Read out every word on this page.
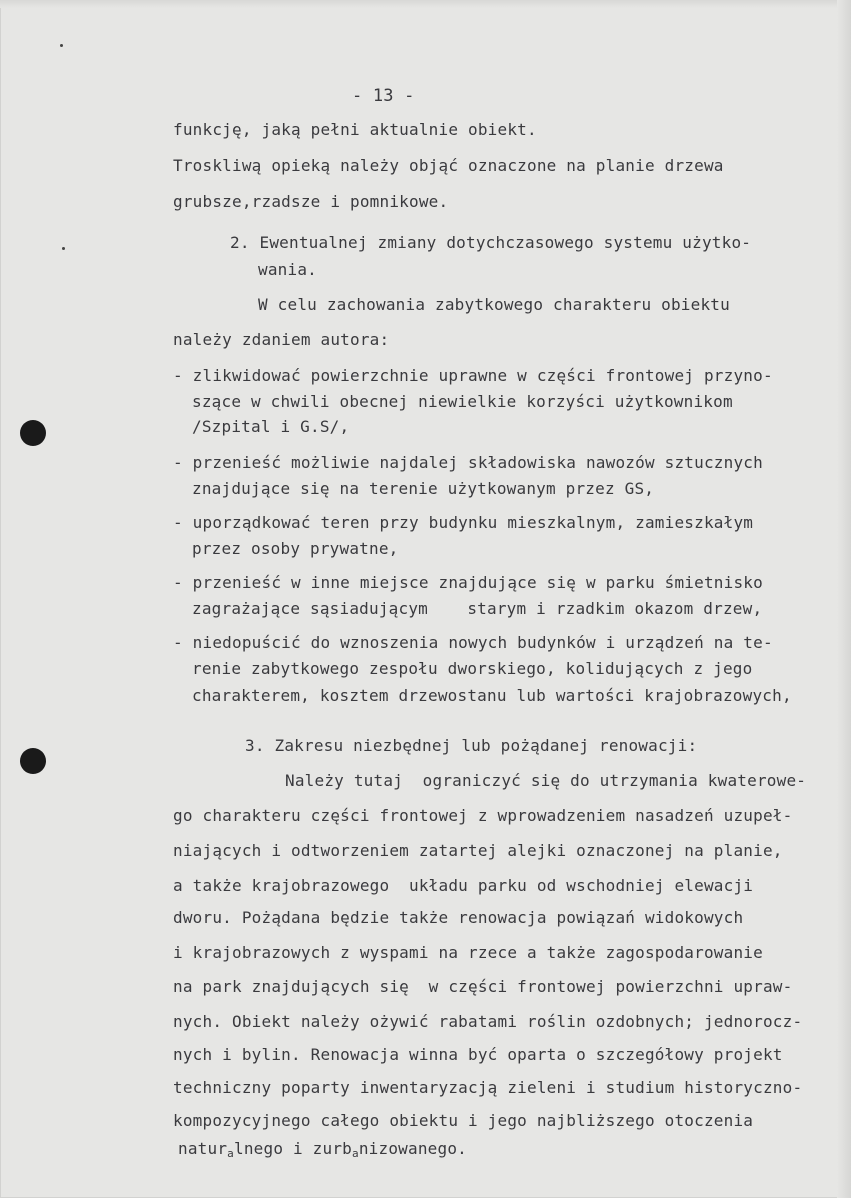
- 13 -
funkcję, jaką pełni aktualnie obiekt.
Troskliwą opieką należy objąć oznaczone na planie drzewa
grubsze,rzadsze i pomnikowe.
2. Ewentualnej zmiany dotychczasowego systemu użytko-
wania.
W celu zachowania zabytkowego charakteru obiektu
należy zdaniem autora:
- zlikwidować powierzchnie uprawne w części frontowej przyno-
szące w chwili obecnej niewielkie korzyści użytkownikom
/Szpital i G.S/,
- przenieść możliwie najdalej składowiska nawozów sztucznych
znajdujące się na terenie użytkowanym przez GS,
- uporządkować teren przy budynku mieszkalnym, zamieszkałym
przez osoby prywatne,
- przenieść w inne miejsce znajdujące się w parku śmietnisko
zagrażające sąsiadującym    starym i rzadkim okazom drzew,
- niedopuścić do wznoszenia nowych budynków i urządzeń na te-
renie zabytkowego zespołu dworskiego, kolidujących z jego
charakterem, kosztem drzewostanu lub wartości krajobrazowych,
3. Zakresu niezbędnej lub pożądanej renowacji:
Należy tutaj  ograniczyć się do utrzymania kwaterowe-
go charakteru części frontowej z wprowadzeniem nasadzeń uzupeł-
niających i odtworzeniem zatartej alejki oznaczonej na planie,
a także krajobrazowego  układu parku od wschodniej elewacji
dworu. Pożądana będzie także renowacja powiązań widokowych
i krajobrazowych z wyspami na rzece a także zagospodarowanie
na park znajdujących się  w części frontowej powierzchni upraw-
nych. Obiekt należy ożywić rabatami roślin ozdobnych; jednorocz-
nych i bylin. Renowacja winna być oparta o szczegółowy projekt
techniczny poparty inwentaryzacją zieleni i studium historyczno-
kompozycyjnego całego obiektu i jego najbliższego otoczenia
natur$_a$lnego i zurb$_a$nizowanego.
